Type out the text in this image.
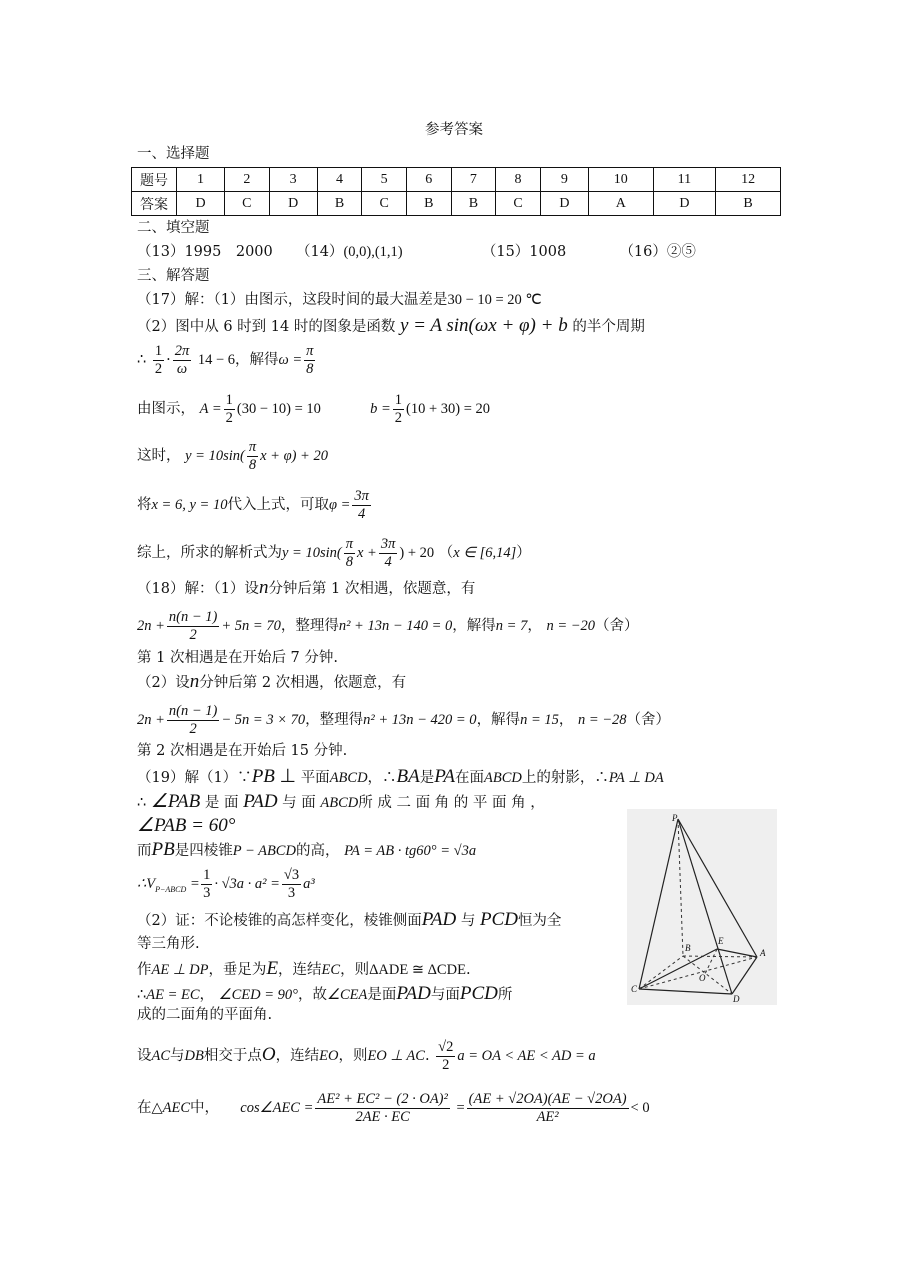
参考答案
一、选择题
题号	1	2	3	4	5	6	7	8	9	10	11	12
答案	D	C	D	B	C	B	B	C	D	A	D	B
二、填空题
（13）1995　2000 （14）(0,0),(1,1)	（15）1008	（16）②⑤
三、解答题
（17）解：（1）由图示，这段时间的最大温差是30 − 10 = 20 ℃
（2）图中从 6 时到 14 时的图象是函数 y = A sin(ωx + φ) + b 的半个周期
∴ $\frac{1}{2} \cdot \frac{2\pi}{\omega} 14 - 6$，解得$\omega = \frac{\pi}{8}$
由图示， $A = \frac{1}{2} (30 - 10) = 10$	$b = \frac{1}{2} (10 + 30) = 20$
这时， $y = 10\sin( \frac{\pi}{8}$ x + φ) + 20
将x = 6, y = 10代入上式，可取$\varphi = \frac{3\pi}{4}$
综上，所求的解析式为$y = 10\sin( \frac{\pi}{8}$ $x + \frac{3\pi}{4}$ ) + 20 （x ∈ [6,14]）
（18）解：（1）设n分钟后第 1 次相遇，依题意，有
$2n + \frac{n(n - 1)}{2} + 5n = 70$，整理得n² + 13n − 140 = 0，解得n = 7， n = −20（舍）
第 1 次相遇是在开始后 7 分钟.
（2）设n分钟后第 2 次相遇，依题意，有
$2n + \frac{n(n - 1)}{2} - 5n = 3 \times 70$，整理得n² + 13n − 420 = 0，解得n = 15， n = −28（舍）
第 2 次相遇是在开始后 15 分钟.
（19）解（1）∵PB ⊥ 平面ABCD，∴BA是PA在面ABCD上的射影，∴PA ⊥ DA
∴ ∠PAB 是 面 PAD 与 面 ABCD所 成 二 面 角 的 平 面 角 ，
∠PAB = 60°
而PB是四棱锥P − ABCD的高， PA = AB · tg60° = √3a
$\therefore V_{P-ABCD} = \frac{1}{3} \cdot √3a \cdot a^2 = \frac{√3}{3} a^3$
（2）证：不论棱锥的高怎样变化，棱锥侧面PAD 与 PCD恒为全
等三角形.
作AE ⊥ DP，垂足为E，连结EC，则ΔADE ≅ ΔCDE.
∴AE = EC， ∠CED = 90°，故∠CEA是面PAD与面PCD所
成的二面角的平面角.
设AC与DB相交于点O，连结EO，则EO ⊥ AC. $\frac{√2}{2}$ a = OA < AE < AD = a
在△AEC中， cos∠AEC = $\frac{\text{AE² + EC² − (2 · OA)²}}{2AE \cdot EC} = \frac{(AE + √2OA)(AE - √2OA)}{\text{AE²}} < 0$
P
B
E
A
O
C
D
